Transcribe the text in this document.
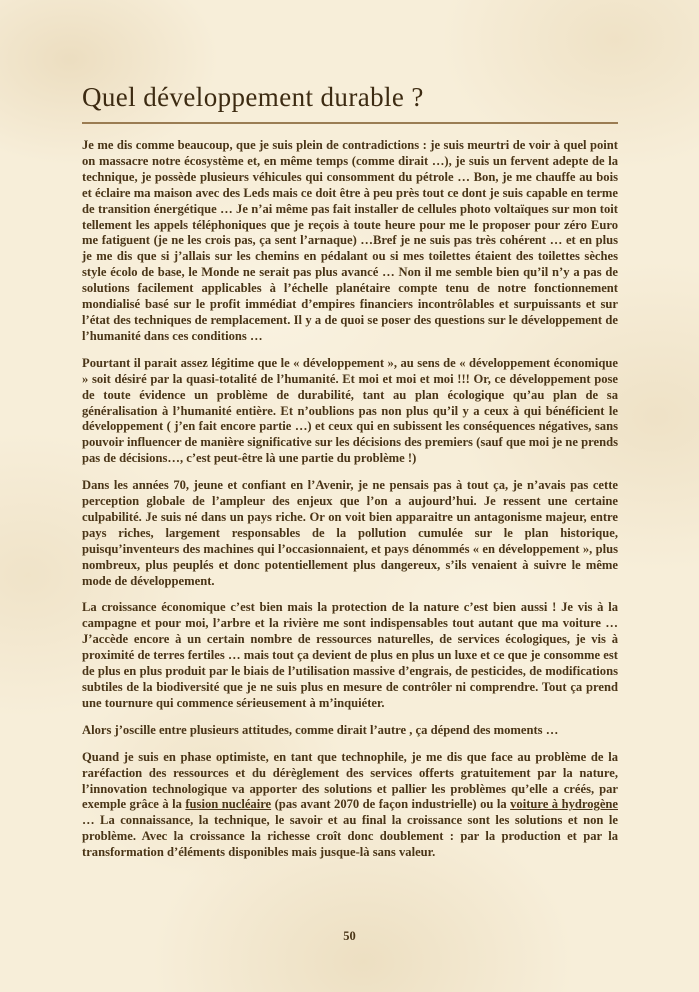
Quel développement durable ?

Je me dis comme beaucoup, que je suis plein de contradictions : je suis meurtri de voir à quel point on massacre notre écosystème et, en même temps (comme dirait …), je suis un fervent adepte de la technique, je possède plusieurs véhicules qui consomment du pétrole … Bon, je me chauffe au bois et éclaire ma maison avec des Leds mais ce doit être à peu près tout ce dont je suis capable en terme de transition énergétique … Je n’ai même pas fait installer de cellules photo voltaïques sur mon toit tellement les appels téléphoniques que je reçois à toute heure pour me le proposer pour zéro Euro me fatiguent (je ne les crois pas, ça sent l’arnaque) …Bref je ne suis pas très cohérent … et en plus je me dis que si j’allais sur les chemins en pédalant ou si mes toilettes étaient des toilettes sèches style écolo de base, le Monde ne serait pas plus avancé … Non il me semble bien qu’il n’y a pas de solutions facilement applicables à l’échelle planétaire compte tenu de notre fonctionnement mondialisé basé sur le profit immédiat d’empires financiers incontrôlables et surpuissants et sur l’état des techniques de remplacement. Il y a de quoi se poser des questions sur le développement de l’humanité dans ces conditions …

Pourtant il parait assez légitime que le « développement », au sens de « développement économique » soit désiré par la quasi-totalité de l’humanité. Et moi et moi et moi !!! Or, ce développement pose de toute évidence un problème de durabilité, tant au plan écologique qu’au plan de sa généralisation à l’humanité entière. Et n’oublions pas non plus qu’il y a ceux à qui bénéficient le développement ( j’en fait encore partie …) et ceux qui en subissent les conséquences négatives, sans pouvoir influencer de manière significative sur les décisions des premiers (sauf que moi je ne prends pas de décisions…, c’est peut-être là une partie du problème !)

Dans les années 70, jeune et confiant en l’Avenir, je ne pensais pas à tout ça, je n’avais pas cette perception globale de l’ampleur des enjeux que l’on a aujourd’hui. Je ressent une certaine culpabilité. Je suis né dans un pays riche. Or on voit bien apparaitre un antagonisme majeur, entre pays riches, largement responsables de la pollution cumulée sur le plan historique, puisqu’inventeurs des machines qui l’occasionnaient, et pays dénommés « en développement », plus nombreux, plus peuplés et donc potentiellement plus dangereux, s’ils venaient à suivre le même mode de développement.

La croissance économique c’est bien mais la protection de la nature c’est bien aussi ! Je vis à la campagne et pour moi, l’arbre et la rivière me sont indispensables tout autant que ma voiture … J’accède encore à un certain nombre de ressources naturelles, de services écologiques, je vis à proximité de terres fertiles … mais tout ça devient de plus en plus un luxe et ce que je consomme est de plus en plus produit par le biais de l’utilisation massive d’engrais, de pesticides, de modifications subtiles de la biodiversité que je ne suis plus en mesure de contrôler ni comprendre. Tout ça prend une tournure qui commence sérieusement à m’inquiéter.

Alors j’oscille entre plusieurs attitudes, comme dirait l’autre , ça dépend des moments …

Quand je suis en phase optimiste, en tant que technophile, je me dis que face au problème de la raréfaction des ressources et du dérèglement des services offerts gratuitement par la nature, l’innovation technologique va apporter des solutions et pallier les problèmes qu’elle a créés, par exemple grâce à la fusion nucléaire (pas avant 2070 de façon industrielle) ou la voiture à hydrogène … La connaissance, la technique, le savoir et au final la croissance sont les solutions et non le problème. Avec la croissance la richesse croît donc doublement : par la production et par la transformation d’éléments disponibles mais jusque-là sans valeur.

50
